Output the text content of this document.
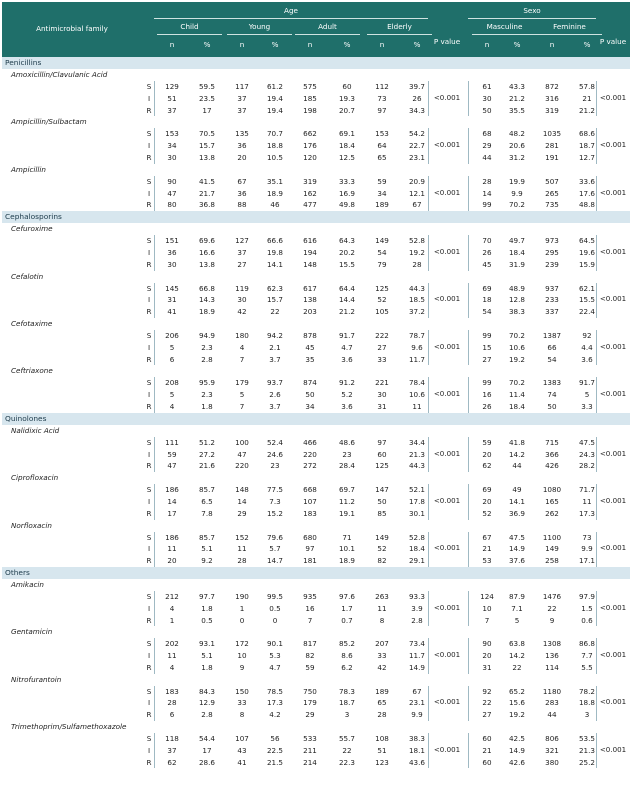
Antimicrobial family
Age
P value
Sexo
P value
Child
n	%
Young
n	%
Adult
n	%
Elderly
n	%
Masculine
n	%
Feminine
n	%
Penicillins
Amoxicillin/Clavulanic Acid
S	129	59.5	117	61.2	575	60	112	39.7	61	43.3	872	57.8
I	51	23.5	37	19.4	185	19.3	73	26	30	21.2	316	21
R	37	17	37	19.4	198	20.7	97	34.3	50	35.5	319	21.2
<0.001	<0.001
Ampicillin/Sulbactam
S	153	70.5	135	70.7	662	69.1	153	54.2	68	48.2	1035	68.6
I	34	15.7	36	18.8	176	18.4	64	22.7	29	20.6	281	18.7
R	30	13.8	20	10.5	120	12.5	65	23.1	44	31.2	191	12.7
<0.001	<0.001
Ampicillin
S	90	41.5	67	35.1	319	33.3	59	20.9	28	19.9	507	33.6
I	47	21.7	36	18.9	162	16.9	34	12.1	14	9.9	265	17.6
R	80	36.8	88	46	477	49.8	189	67	99	70.2	735	48.8
<0.001	<0.001
Cephalosporins
Cefuroxime
S	151	69.6	127	66.6	616	64.3	149	52.8	70	49.7	973	64.5
I	36	16.6	37	19.8	194	20.2	54	19.2	26	18.4	295	19.6
R	30	13.8	27	14.1	148	15.5	79	28	45	31.9	239	15.9
<0.001	<0.001
Cefalotin
S	145	66.8	119	62.3	617	64.4	125	44.3	69	48.9	937	62.1
I	31	14.3	30	15.7	138	14.4	52	18.5	18	12.8	233	15.5
R	41	18.9	42	22	203	21.2	105	37.2	54	38.3	337	22.4
<0.001	<0.001
Cefotaxime
S	206	94.9	180	94.2	878	91.7	222	78.7	99	70.2	1387	92
I	5	2.3	4	2.1	45	4.7	27	9.6	15	10.6	66	4.4
R	6	2.8	7	3.7	35	3.6	33	11.7	27	19.2	54	3.6
<0.001	<0.001
Ceftriaxone
S	208	95.9	179	93.7	874	91.2	221	78.4	99	70.2	1383	91.7
I	5	2.3	5	2.6	50	5.2	30	10.6	16	11.4	74	5
R	4	1.8	7	3.7	34	3.6	31	11	26	18.4	50	3.3
<0.001	<0.001
Quinolones
Nalidixic Acid
S	111	51.2	100	52.4	466	48.6	97	34.4	59	41.8	715	47.5
I	59	27.2	47	24.6	220	23	60	21.3	20	14.2	366	24.3
R	47	21.6	220	23	272	28.4	125	44.3	62	44	426	28.2
<0.001	<0.001
Ciprofloxacin
S	186	85.7	148	77.5	668	69.7	147	52.1	69	49	1080	71.7
I	14	6.5	14	7.3	107	11.2	50	17.8	20	14.1	165	11
R	17	7.8	29	15.2	183	19.1	85	30.1	52	36.9	262	17.3
<0.001	<0.001
Norfloxacin
S	186	85.7	152	79.6	680	71	149	52.8	67	47.5	1100	73
I	11	5.1	11	5.7	97	10.1	52	18.4	21	14.9	149	9.9
R	20	9.2	28	14.7	181	18.9	82	29.1	53	37.6	258	17.1
<0.001	<0.001
Others
Amikacin
S	212	97.7	190	99.5	935	97.6	263	93.3	124	87.9	1476	97.9
I	4	1.8	1	0.5	16	1.7	11	3.9	10	7.1	22	1.5
R	1	0.5	0	0	7	0.7	8	2.8	7	5	9	0.6
<0.001	<0.001
Gentamicin
S	202	93.1	172	90.1	817	85.2	207	73.4	90	63.8	1308	86.8
I	11	5.1	10	5.3	82	8.6	33	11.7	20	14.2	136	7.7
R	4	1.8	9	4.7	59	6.2	42	14.9	31	22	114	5.5
<0.001	<0.001
Nitrofurantoin
S	183	84.3	150	78.5	750	78.3	189	67	92	65.2	1180	78.2
I	28	12.9	33	17.3	179	18.7	65	23.1	22	15.6	283	18.8
R	6	2.8	8	4.2	29	3	28	9.9	27	19.2	44	3
<0.001	<0.001
Trimethoprim/Sulfamethoxazole
S	118	54.4	107	56	533	55.7	108	38.3	60	42.5	806	53.5
I	37	17	43	22.5	211	22	51	18.1	21	14.9	321	21.3
R	62	28.6	41	21.5	214	22.3	123	43.6	60	42.6	380	25.2
<0.001	<0.001
